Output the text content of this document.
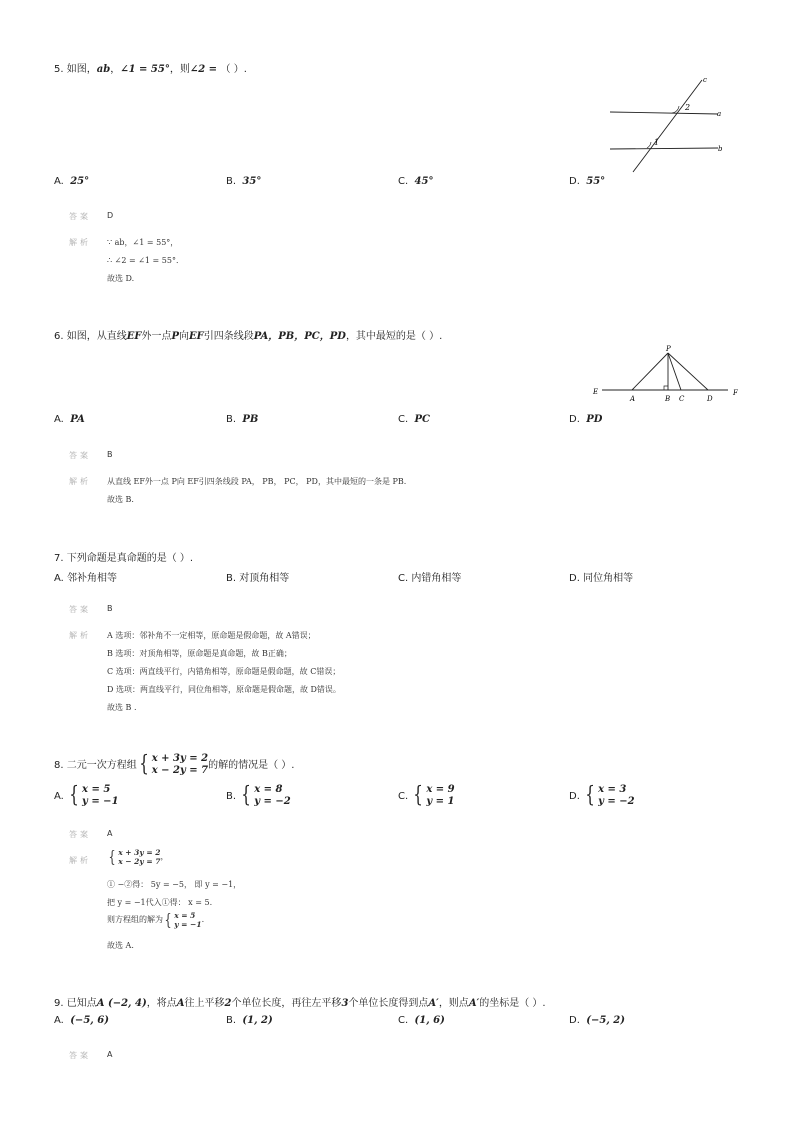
5. 如图，ab，∠1 = 55°，则∠2 = （ ）.
2
1
a
b
c
A. 25°	B. 35°	C. 45°	D. 55°
答案 D
解析 ∵ ab，∠1 = 55°，
∴ ∠2 = ∠1 = 55°．
故选 D.
6. 如图，从直线EF外一点P向EF引四条线段PA，PB，PC，PD，其中最短的是（ ）.
P
E
A	B C	D
F
A. PA	B. PB	C. PC	D. PD
答案 B
解析 从直线 EF外一点 P向 EF引四条线段 PA， PB， PC， PD，其中最短的一条是 PB.
故选 B.
7. 下列命题是真命题的是（ ）.
A. 邻补角相等	B. 对顶角相等	C. 内错角相等	D. 同位角相等
答案 B
解析 A 选项：邻补角不一定相等，原命题是假命题，故 A错误；
B 选项：对顶角相等，原命题是真命题，故 B正确；
C 选项：两直线平行，内错角相等，原命题是假命题，故 C错误；
D 选项：两直线平行，同位角相等，原命题是假命题，故 D错误。
故选 B .
8. 二元一次方程组 { x + 3y = 2
x − 2y = 7 的解的情况是（ ）.
A. { x = 5
y = −1	B. { x = 8
y = −2	C. { x = 9
y = 1	D. { x = 3
y = −2
答案 A
解析 { x + 3y = 2
x − 2y = 7
，
① −②得： 5y = −5， 即 y = −1，
把 y = −1代入①得： x = 5.
则方程组的解为 { x = 5
y = −1
.
故选 A.
9. 已知点A (−2, 4)，将点A往上平移2个单位长度，再往左平移3个单位长度得到点A′，则点A′的坐标是（ ）.
A. (−5, 6)	B. (1, 2)	C. (1, 6)	D. (−5, 2)
答案 A
